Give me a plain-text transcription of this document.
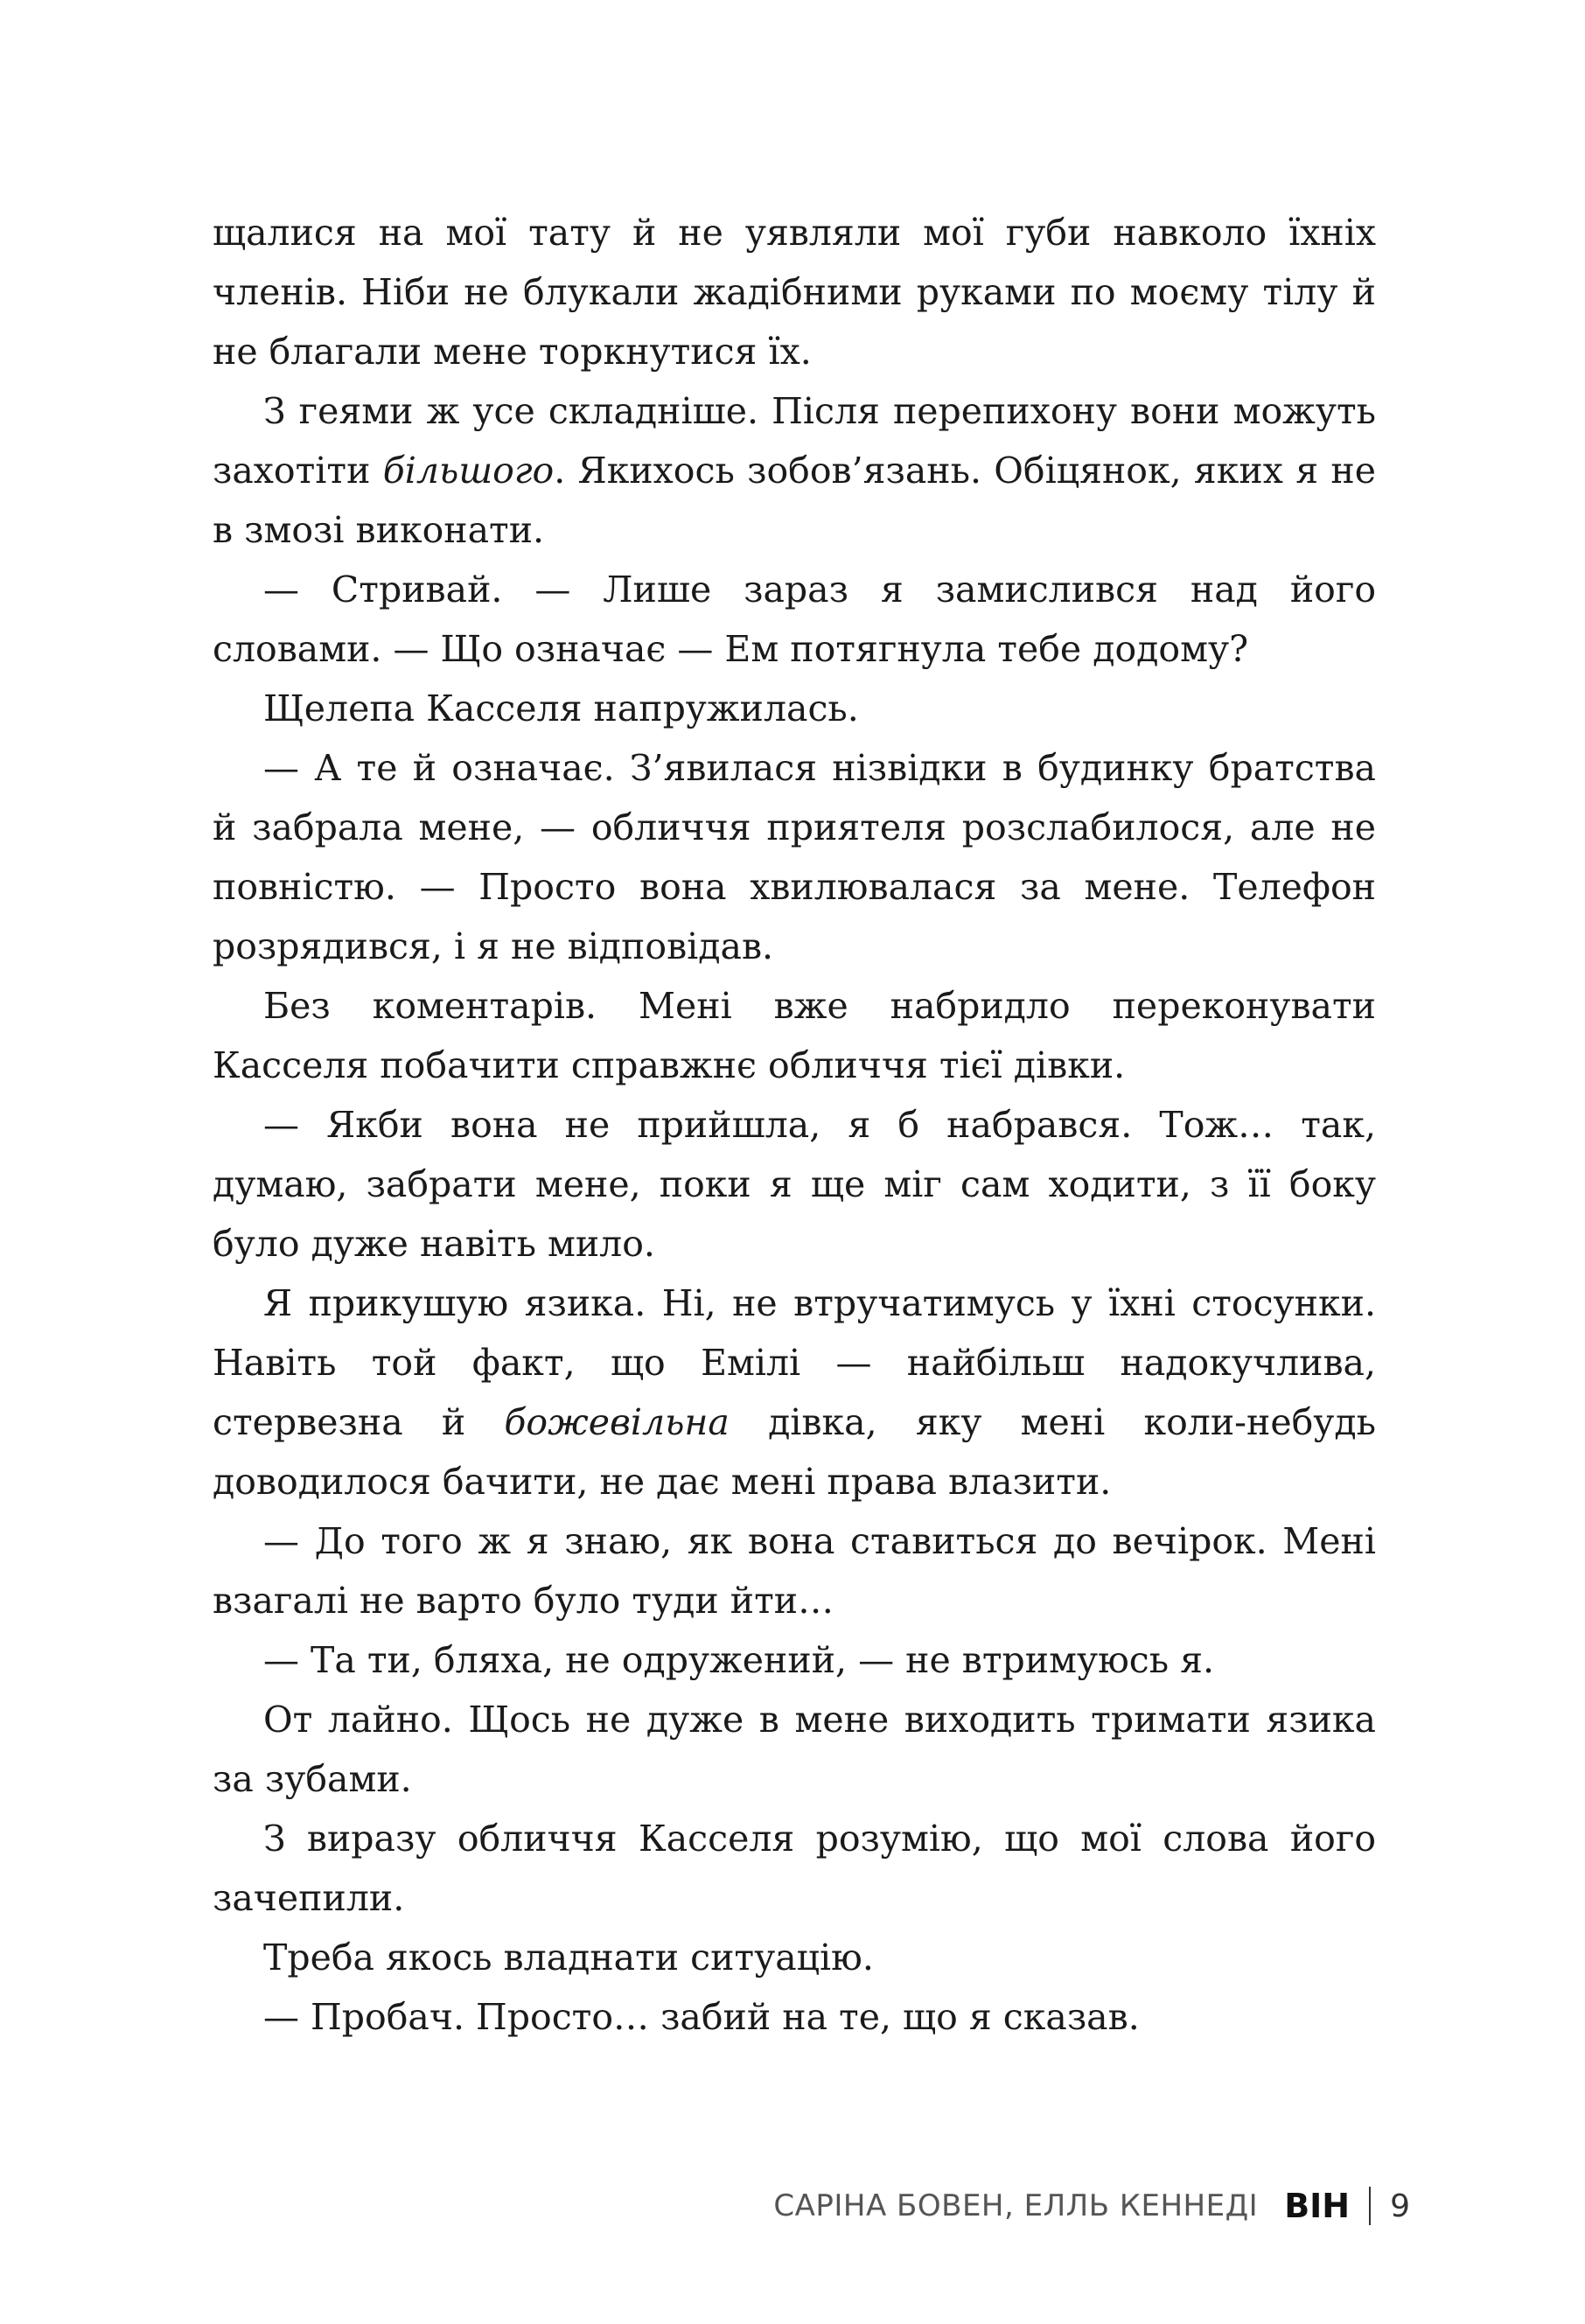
щалися на мої тату й не уявляли мої губи навколо їхніх членів. Ніби не блукали жадібними руками по моєму тілу й не благали мене торкнутися їх.

З геями ж усе складніше. Після перепихону вони можуть захотіти більшого. Якихось зобов’язань. Обіцянок, яких я не в змозі виконати.

— Стривай. — Лише зараз я замислився над його словами. — Що означає — Ем потягнула тебе додому?

Щелепа Касселя напружилась.

— А те й означає. З’явилася нізвідки в будинку братства й забрала мене, — обличчя приятеля розслабилося, але не повністю. — Просто вона хвилювалася за мене. Телефон розрядився, і я не відповідав.

Без коментарів. Мені вже набридло переконувати Касселя побачити справжнє обличчя тієї дівки.

— Якби вона не прийшла, я б набрався. Тож… так, думаю, забрати мене, поки я ще міг сам ходити, з її боку було дуже навіть мило.

Я прикушую язика. Ні, не втручатимусь у їхні стосунки. Навіть той факт, що Емілі — найбільш надокучлива, стервезна й божевільна дівка, яку мені коли-небудь доводилося бачити, не дає мені права влазити.

— До того ж я знаю, як вона ставиться до вечірок. Мені взагалі не варто було туди йти…

— Та ти, бляха, не одружений, — не втримуюсь я.

От лайно. Щось не дуже в мене виходить тримати язика за зубами.

З виразу обличчя Касселя розумію, що мої слова його зачепили.

Треба якось владнати ситуацію.

— Пробач. Просто… забий на те, що я сказав.

САРІНА БОВЕН, ЕЛЛЬ КЕННЕДІ ВІН 9
